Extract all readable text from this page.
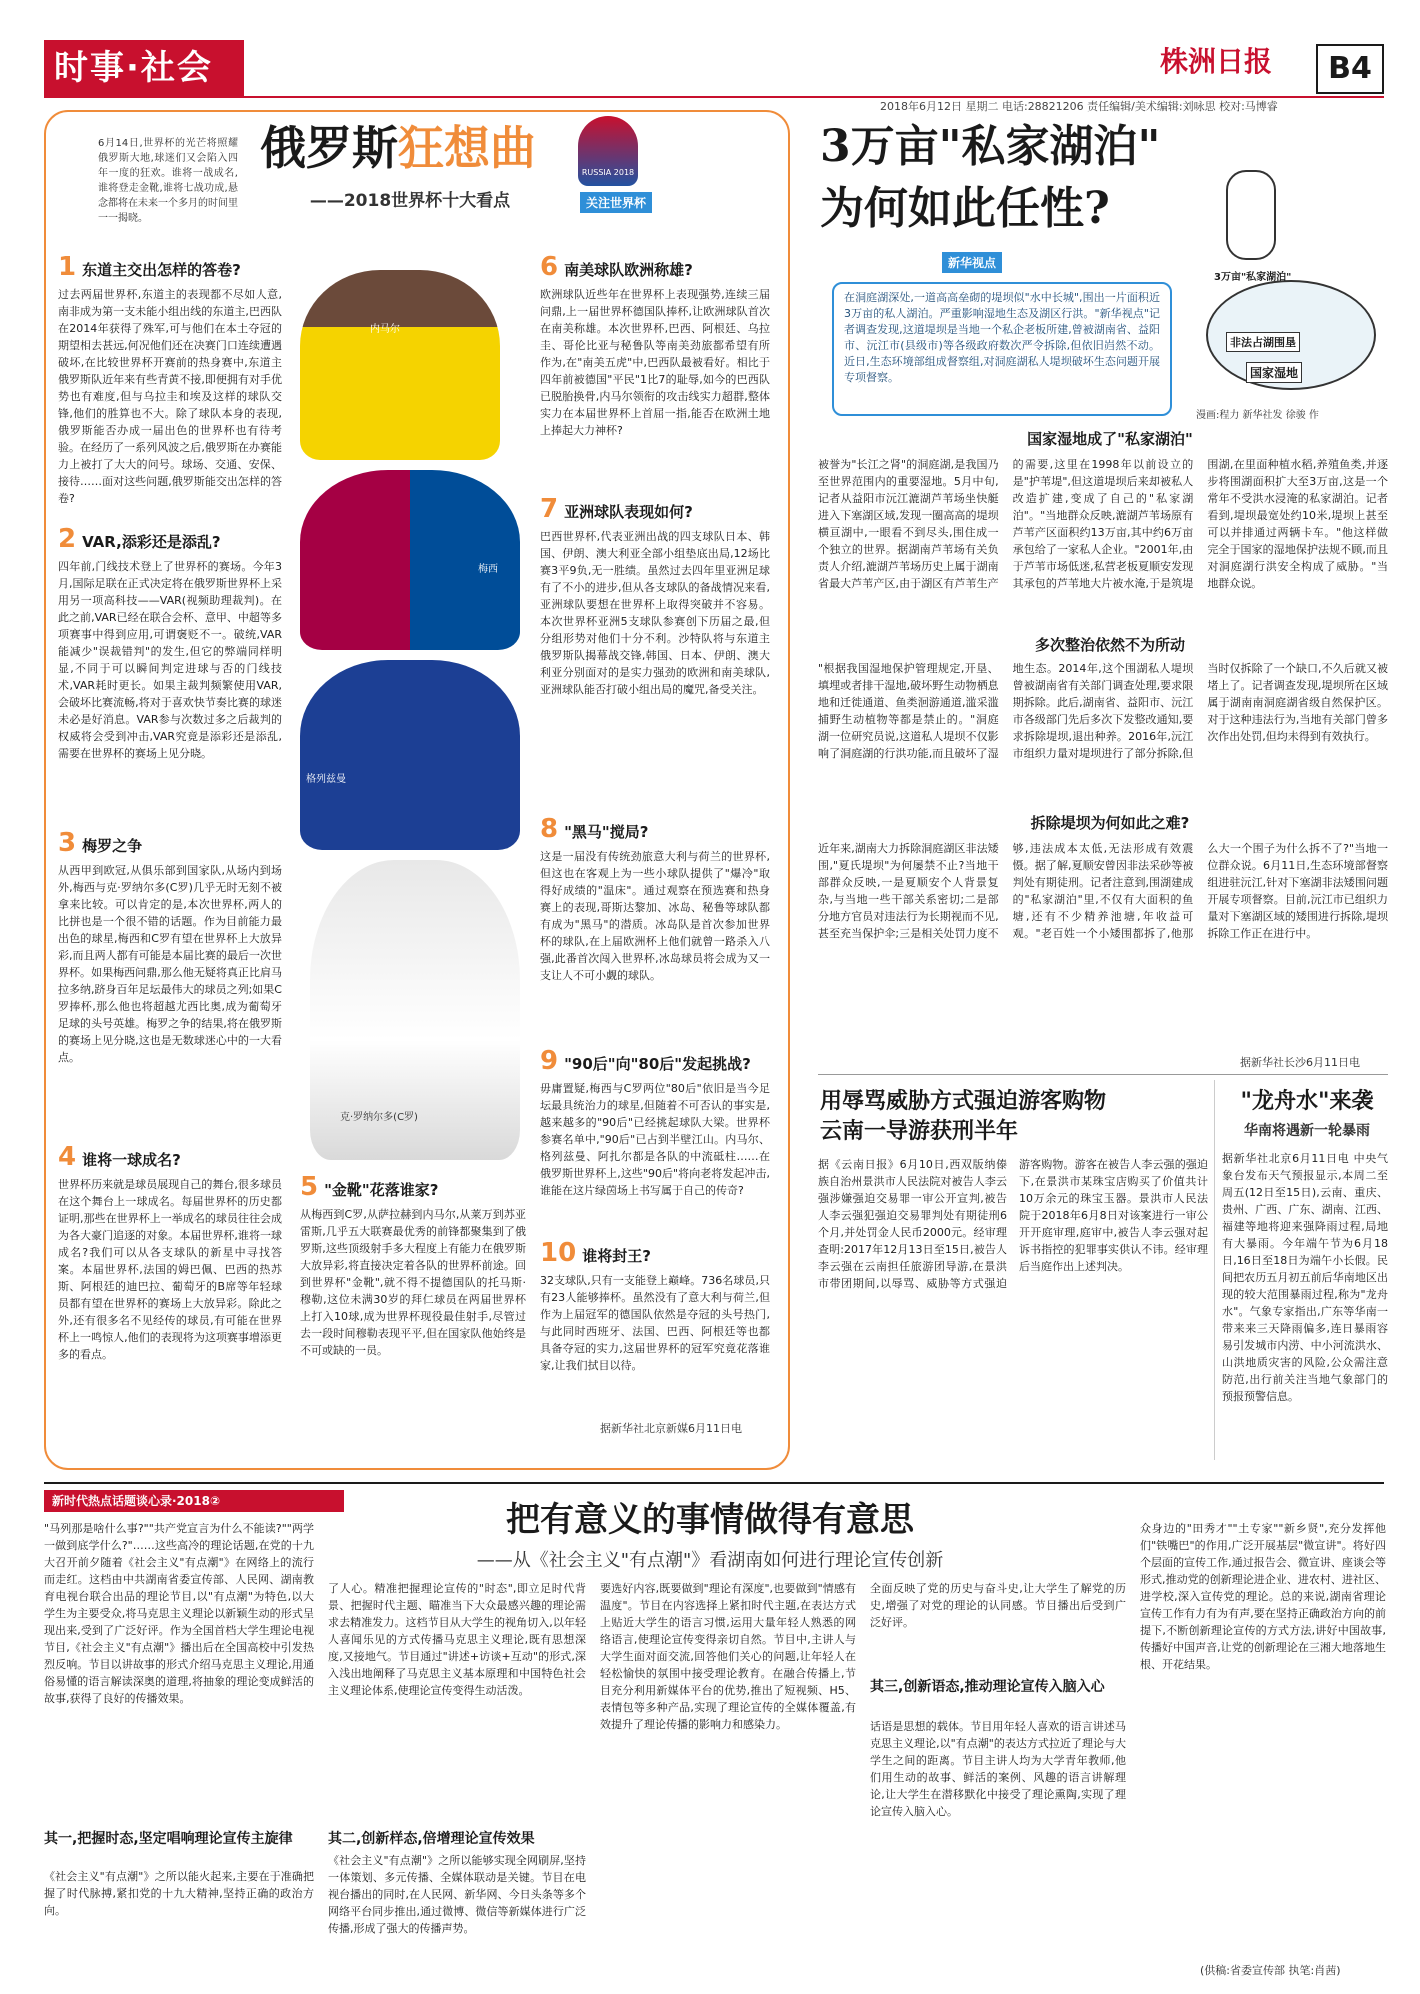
时事·社会
2018年6月12日 星期二 电话:28821206 责任编辑/美术编辑:刘咏思 校对:马博睿
株洲日报	B4
俄罗斯 狂想曲
——2018世界杯十大看点
RUSSIA 2018
关注世界杯
6月14日,世界杯的光芒将照耀俄罗斯大地,球迷们又会陷入四年一度的狂欢。谁将一战成名,谁将登走金靴,谁将七战功成,悬念都将在未来一个多月的时间里一一揭晓。
1 东道主交出怎样的答卷?
过去两届世界杯,东道主的表现都不尽如人意,南非成为第一支未能小组出线的东道主,巴西队在2014年获得了殊军,可与他们在本土夺冠的期望相去甚远,何况他们还在决赛门口连续遭遇破坏,在比较世界杯开赛前的热身赛中,东道主俄罗斯队近年来有些青黄不接,即便拥有对手优势也有难度,但与乌拉圭和埃及这样的球队交锋,他们的胜算也不大。除了球队本身的表现,俄罗斯能否办成一届出色的世界杯也有待考验。在经历了一系列风波之后,俄罗斯在办赛能力上被打了大大的问号。球场、交通、安保、接待……面对这些问题,俄罗斯能交出怎样的答卷?
2 VAR,添彩还是添乱?
四年前,门线技术登上了世界杯的赛场。今年3月,国际足联在正式决定将在俄罗斯世界杯上采用另一项高科技——VAR(视频助理裁判)。在此之前,VAR已经在联合会杯、意甲、中超等多项赛事中得到应用,可谓褒贬不一。破统,VAR能减少"误裁错判"的发生,但它的弊端同样明显,不同于可以瞬间判定进球与否的门线技术,VAR耗时更长。如果主裁判频繁使用VAR,会破坏比赛流畅,将对于喜欢快节奏比赛的球迷未必是好消息。VAR参与次数过多之后裁判的权威将会受到冲击,VAR究竟是添彩还是添乱,需要在世界杯的赛场上见分晓。
3 梅罗之争
从西甲到欧冠,从俱乐部到国家队,从场内到场外,梅西与克·罗纳尔多(C罗)几乎无时无刻不被拿来比较。可以肯定的是,本次世界杯,两人的比拼也是一个很不错的话题。作为目前能力最出色的球星,梅西和C罗有望在世界杯上大放异彩,而且两人都有可能是本届比赛的最后一次世界杯。如果梅西问鼎,那么他无疑将真正比肩马拉多纳,跻身百年足坛最伟大的球员之列;如果C罗捧杯,那么他也将超越尤西比奥,成为葡萄牙足球的头号英雄。梅罗之争的结果,将在俄罗斯的赛场上见分晓,这也是无数球迷心中的一大看点。
4 谁将一球成名?
世界杯历来就是球员展现自己的舞台,很多球员在这个舞台上一球成名。每届世界杯的历史都证明,那些在世界杯上一举成名的球员往往会成为各大豪门追逐的对象。本届世界杯,谁将一球成名?我们可以从各支球队的新星中寻找答案。本届世界杯,法国的姆巴佩、巴西的热苏斯、阿根廷的迪巴拉、葡萄牙的B席等年轻球员都有望在世界杯的赛场上大放异彩。除此之外,还有很多名不见经传的球员,有可能在世界杯上一鸣惊人,他们的表现将为这项赛事增添更多的看点。
内马尔
梅西
格列兹曼
克·罗纳尔多(C罗)
5 "金靴"花落谁家?
从梅西到C罗,从萨拉赫到内马尔,从莱万到苏亚雷斯,几乎五大联赛最优秀的前锋都聚集到了俄罗斯,这些顶级射手多大程度上有能力在俄罗斯大放异彩,将直接决定着各队的世界杯前途。回到世界杯"金靴",就不得不提德国队的托马斯·穆勒,这位未满30岁的拜仁球员在两届世界杯上打入10球,成为世界杯现役最佳射手,尽管过去一段时间穆勒表现平平,但在国家队他始终是不可或缺的一员。
6 南美球队欧洲称雄?
欧洲球队近些年在世界杯上表现强势,连续三届问鼎,上一届世界杯德国队捧杯,让欧洲球队首次在南美称雄。本次世界杯,巴西、阿根廷、乌拉圭、哥伦比亚与秘鲁队等南美劲旅都希望有所作为,在"南美五虎"中,巴西队最被看好。相比于四年前被德国"平民"1比7的耻辱,如今的巴西队已脱胎换骨,内马尔领衔的攻击线实力超群,整体实力在本届世界杯上首屈一指,能否在欧洲土地上捧起大力神杯?
7 亚洲球队表现如何?
巴西世界杯,代表亚洲出战的四支球队日本、韩国、伊朗、澳大利亚全部小组垫底出局,12场比赛3平9负,无一胜绩。虽然过去四年里亚洲足球有了不小的进步,但从各支球队的备战情况来看,亚洲球队要想在世界杯上取得突破并不容易。本次世界杯亚洲5支球队参赛创下历届之最,但分组形势对他们十分不利。沙特队将与东道主俄罗斯队揭幕战交锋,韩国、日本、伊朗、澳大利亚分别面对的是实力强劲的欧洲和南美球队,亚洲球队能否打破小组出局的魔咒,备受关注。
8 "黑马"搅局?
这是一届没有传统劲旅意大利与荷兰的世界杯,但这也在客观上为一些小球队提供了"爆冷"取得好成绩的"温床"。通过观察在预选赛和热身赛上的表现,哥斯达黎加、冰岛、秘鲁等球队都有成为"黑马"的潜质。冰岛队是首次参加世界杯的球队,在上届欧洲杯上他们就曾一路杀入八强,此番首次闯入世界杯,冰岛球员将会成为又一支让人不可小觑的球队。
9 "90后"向"80后"发起挑战?
毋庸置疑,梅西与C罗两位"80后"依旧是当今足坛最具统治力的球星,但随着不可否认的事实是,越来越多的"90后"已经挑起球队大梁。世界杯参赛名单中,"90后"已占到半壁江山。内马尔、格列兹曼、阿扎尔都是各队的中流砥柱……在俄罗斯世界杯上,这些"90后"将向老将发起冲击,谁能在这片绿茵场上书写属于自己的传奇?
10 谁将封王?
32支球队,只有一支能登上巅峰。736名球员,只有23人能够捧杯。虽然没有了意大利与荷兰,但作为上届冠军的德国队依然是夺冠的头号热门,与此同时西班牙、法国、巴西、阿根廷等也都具备夺冠的实力,这届世界杯的冠军究竟花落谁家,让我们拭目以待。
据新华社北京新媒6月11日电
3万亩"私家湖泊"
为何如此任性?
新华视点
在洞庭湖深处,一道高高垒砌的堤坝似"水中长城",围出一片面积近3万亩的私人湖泊。严重影响湿地生态及湖区行洪。"新华视点"记者调查发现,这道堤坝是当地一个私企老板所建,曾被湖南省、益阳市、沅江市(县级市)等各级政府数次严令拆除,但依旧岿然不动。近日,生态环境部组成督察组,对洞庭湖私人堤坝破坏生态问题开展专项督察。
3万亩"私家湖泊"
非法占湖围垦
国家湿地
漫画:程力 新华社发 徐骏 作
国家湿地成了"私家湖泊"
被誉为"长江之肾"的洞庭湖,是我国乃至世界范围内的重要湿地。5月中旬,记者从益阳市沅江漉湖芦苇场坐快艇进入下塞湖区域,发现一圈高高的堤坝横亘湖中,一眼看不到尽头,围住成一个独立的世界。据湖南芦苇场有关负责人介绍,漉湖芦苇场历史上属于湖南省最大芦苇产区,由于湖区有芦苇生产的需要,这里在1998年以前设立的是"护苇堤",但这道堤坝后来却被私人改造扩建,变成了自己的"私家湖泊"。"当地群众反映,漉湖芦苇场原有芦苇产区面积约13万亩,其中约6万亩承包给了一家私人企业。"2001年,由于芦苇市场低迷,私营老板夏顺安发现其承包的芦苇地大片被水淹,于是筑堤围湖,在里面种植水稻,养殖鱼类,并逐步将围湖面积扩大至3万亩,这是一个常年不受洪水浸淹的私家湖泊。记者看到,堤坝最宽处约10米,堤坝上甚至可以并排通过两辆卡车。"他这样做完全于国家的湿地保护法规不顾,而且对洞庭湖行洪安全构成了威胁。"当地群众说。
多次整治依然不为所动
"根据我国湿地保护管理规定,开垦、填埋或者排干湿地,破坏野生动物栖息地和迁徙通道、鱼类洄游通道,滥采滥捕野生动植物等都是禁止的。"洞庭湖一位研究员说,这道私人堤坝不仅影响了洞庭湖的行洪功能,而且破坏了湿地生态。2014年,这个围湖私人堤坝曾被湖南省有关部门调查处理,要求限期拆除。此后,湖南省、益阳市、沅江市各级部门先后多次下发整改通知,要求拆除堤坝,退出种养。2016年,沅江市组织力量对堤坝进行了部分拆除,但当时仅拆除了一个缺口,不久后就又被堵上了。记者调查发现,堤坝所在区域属于湖南南洞庭湖省级自然保护区。对于这种违法行为,当地有关部门曾多次作出处罚,但均未得到有效执行。
拆除堤坝为何如此之难?
近年来,湖南大力拆除洞庭湖区非法矮围,"夏氏堤坝"为何屡禁不止?当地干部群众反映,一是夏顺安个人背景复杂,与当地一些干部关系密切;二是部分地方官员对违法行为长期视而不见,甚至充当保护伞;三是相关处罚力度不够,违法成本太低,无法形成有效震慑。据了解,夏顺安曾因非法采砂等被判处有期徒刑。记者注意到,围湖建成的"私家湖泊"里,不仅有大面积的鱼塘,还有不少精养池塘,年收益可观。"老百姓一个小矮围都拆了,他那么大一个围子为什么拆不了?"当地一位群众说。6月11日,生态环境部督察组进驻沅江,针对下塞湖非法矮围问题开展专项督察。目前,沅江市已组织力量对下塞湖区域的矮围进行拆除,堤坝拆除工作正在进行中。
据新华社长沙6月11日电
用辱骂威胁方式强迫游客购物
云南一导游获刑半年
据《云南日报》6月10日,西双版纳傣族自治州景洪市人民法院对被告人李云强涉嫌强迫交易罪一审公开宣判,被告人李云强犯强迫交易罪判处有期徒刑6个月,并处罚金人民币2000元。经审理查明:2017年12月13日至15日,被告人李云强在云南担任旅游团导游,在景洪市带团期间,以辱骂、威胁等方式强迫游客购物。游客在被告人李云强的强迫下,在景洪市某珠宝店购买了价值共计10万余元的珠宝玉器。景洪市人民法院于2018年6月8日对该案进行一审公开开庭审理,庭审中,被告人李云强对起诉书指控的犯罪事实供认不讳。经审理后当庭作出上述判决。
"龙舟水"来袭
华南将遇新一轮暴雨
据新华社北京6月11日电 中央气象台发布天气预报显示,本周二至周五(12日至15日),云南、重庆、贵州、广西、广东、湖南、江西、福建等地将迎来强降雨过程,局地有大暴雨。今年端午节为6月18日,16日至18日为端午小长假。民间把农历五月初五前后华南地区出现的较大范围暴雨过程,称为"龙舟水"。气象专家指出,广东等华南一带来来三天降雨偏多,连日暴雨容易引发城市内涝、中小河流洪水、山洪地质灾害的风险,公众需注意防范,出行前关注当地气象部门的预报预警信息。
新时代热点话题谈心录·2018②	把有意义的事情做得有意思
——从《社会主义"有点潮"》看湖南如何进行理论宣传创新
"马列那是啥什么事?""共产党宣言为什么不能读?""两学一做到底学什么?"……这些高冷的理论话题,在党的十九大召开前夕随着《社会主义"有点潮"》在网络上的流行而走红。这档由中共湖南省委宣传部、人民网、湖南教育电视台联合出品的理论节目,以"有点潮"为特色,以大学生为主要受众,将马克思主义理论以新颖生动的形式呈现出来,受到了广泛好评。作为全国首档大学生理论电视节目,《社会主义"有点潮"》播出后在全国高校中引发热烈反响。节目以讲故事的形式介绍马克思主义理论,用通俗易懂的语言解读深奥的道理,将抽象的理论变成鲜活的故事,获得了良好的传播效果。
其一,把握时态,坚定唱响理论宣传主旋律
《社会主义"有点潮"》之所以能火起来,主要在于准确把握了时代脉搏,紧扣党的十九大精神,坚持正确的政治方向。
了人心。精准把握理论宣传的"时态",即立足时代背景、把握时代主题、瞄准当下大众最感兴趣的理论需求去精准发力。这档节目从大学生的视角切入,以年轻人喜闻乐见的方式传播马克思主义理论,既有思想深度,又接地气。节目通过"讲述+访谈+互动"的形式,深入浅出地阐释了马克思主义基本原理和中国特色社会主义理论体系,使理论宣传变得生动活泼。
其二,创新样态,倍增理论宣传效果
《社会主义"有点潮"》之所以能够实现全网刷屏,坚持一体策划、多元传播、全媒体联动是关键。节目在电视台播出的同时,在人民网、新华网、今日头条等多个网络平台同步推出,通过微博、微信等新媒体进行广泛传播,形成了强大的传播声势。
要选好内容,既要做到"理论有深度",也要做到"情感有温度"。节目在内容选择上紧扣时代主题,在表达方式上贴近大学生的语言习惯,运用大量年轻人熟悉的网络语言,使理论宣传变得亲切自然。节目中,主讲人与大学生面对面交流,回答他们关心的问题,让年轻人在轻松愉快的氛围中接受理论教育。在融合传播上,节目充分利用新媒体平台的优势,推出了短视频、H5、表情包等多种产品,实现了理论宣传的全媒体覆盖,有效提升了理论传播的影响力和感染力。
全面反映了党的历史与奋斗史,让大学生了解党的历史,增强了对党的理论的认同感。节目播出后受到广泛好评。
其三,创新语态,推动理论宣传入脑入心
话语是思想的载体。节目用年轻人喜欢的语言讲述马克思主义理论,以"有点潮"的表达方式拉近了理论与大学生之间的距离。节目主讲人均为大学青年教师,他们用生动的故事、鲜活的案例、风趣的语言讲解理论,让大学生在潜移默化中接受了理论熏陶,实现了理论宣传入脑入心。
众身边的"田秀才""土专家""新乡贤",充分发挥他们"铁嘴巴"的作用,广泛开展基层"微宣讲"。将好四个层面的宣传工作,通过报告会、微宣讲、座谈会等形式,推动党的创新理论进企业、进农村、进社区、进学校,深入宣传党的理论。总的来说,湖南省理论宣传工作有力有为有声,要在坚持正确政治方向的前提下,不断创新理论宣传的方式方法,讲好中国故事,传播好中国声音,让党的创新理论在三湘大地落地生根、开花结果。
(供稿:省委宣传部 执笔:肖茜)
